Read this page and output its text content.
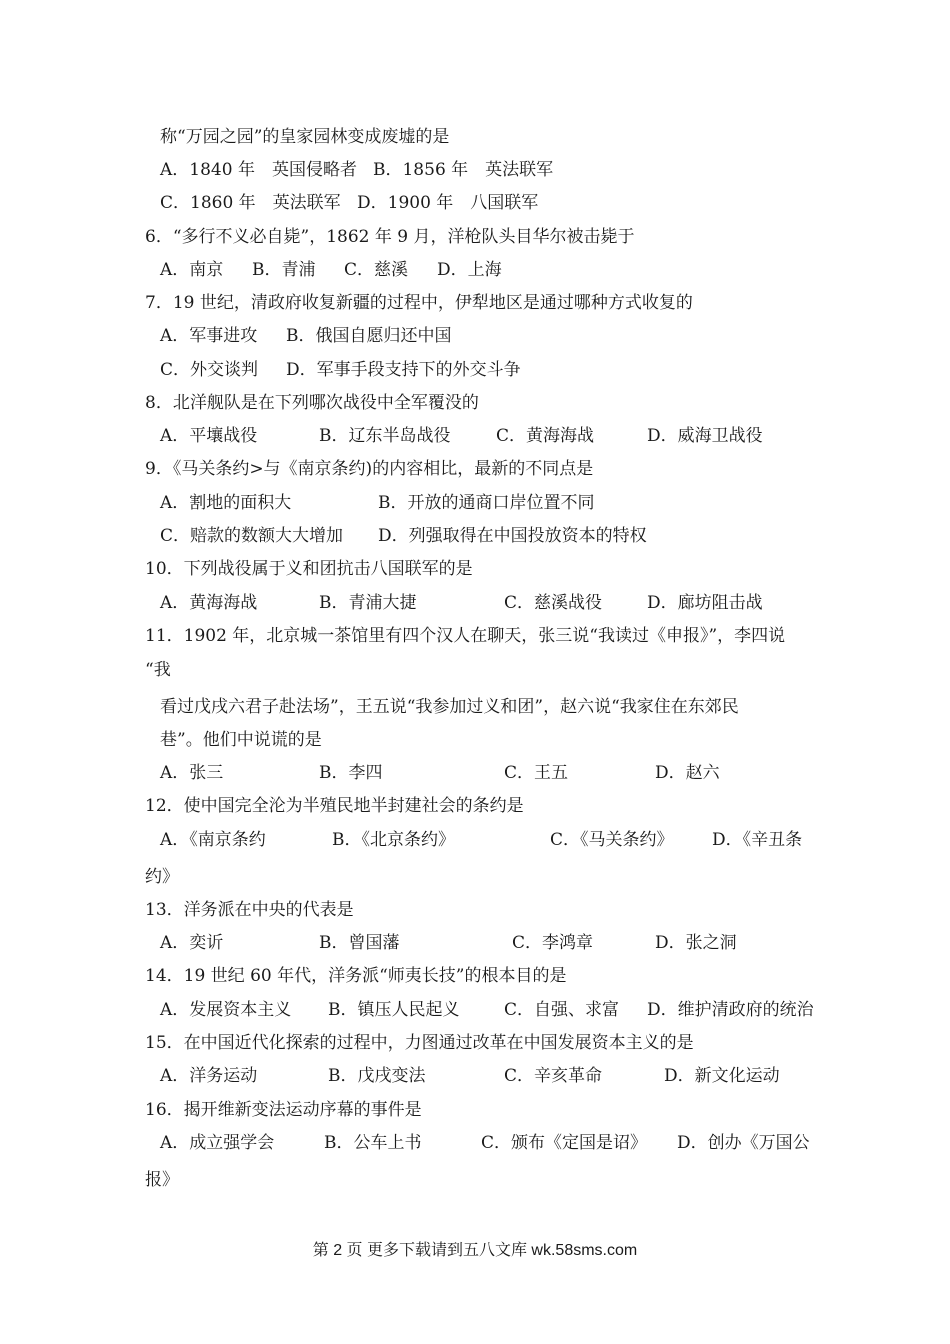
称“万园之园”的皇家园林变成废墟的是

A．1840 年　英国侵略者

B．1856 年　英法联军

C．1860 年　英法联军

D．1900 年　八国联军

6．“多行不义必自毙”，1862 年 9 月，洋枪队头目华尔被击毙于

A．南京

B．青浦

C．慈溪

D．上海

7．19 世纪，清政府收复新疆的过程中，伊犁地区是通过哪种方式收复的

A．军事进攻

B．俄国自愿归还中国

C．外交谈判

D．军事手段支持下的外交斗争

8．北洋舰队是在下列哪次战役中全军覆没的

A．平壤战役

	B．辽东半岛战役

	C．黄海海战

	D．威海卫战役

9．《马关条约>与《南京条约)的内容相比，最新的不同点是

A．割地的面积大

	B．开放的通商口岸位置不同

C．赔款的数额大大增加

D．列强取得在中国投放资本的特权

10．下列战役属于义和团抗击八国联军的是

A．黄海海战

	B．青浦大捷

	C．慈溪战役

	D．廊坊阻击战

11．1902 年，北京城一茶馆里有四个汉人在聊天，张三说“我读过《申报》”，李四说

“我

看过戊戌六君子赴法场”，王五说“我参加过义和团”，赵六说“我家住在东郊民

巷”。他们中说谎的是

A．张三

	B．李四

	C．王五

	D．赵六

12．使中国完全沦为半殖民地半封建社会的条约是

A．《南京条约

	B．《北京条约》

	C．《马关条约》

D．《辛丑条

约》

13．洋务派在中央的代表是

A．奕䜣

	B．曾国藩

	C．李鸿章

	D．张之洞

14．19 世纪 60 年代，洋务派“师夷长技”的根本目的是

A．发展资本主义

B．镇压人民起义

	C．自强、求富

D．维护清政府的统治

15．在中国近代化探索的过程中，力图通过改革在中国发展资本主义的是

A．洋务运动

	B．戊戌变法

	C．辛亥革命

	D．新文化运动

16．揭开维新变法运动序幕的事件是

A．成立强学会

	B．公车上书

	C．颁布《定国是诏》

D．创办《万国公

报》

第 2 页 更多下载请到五八文库 wk.58sms.com
